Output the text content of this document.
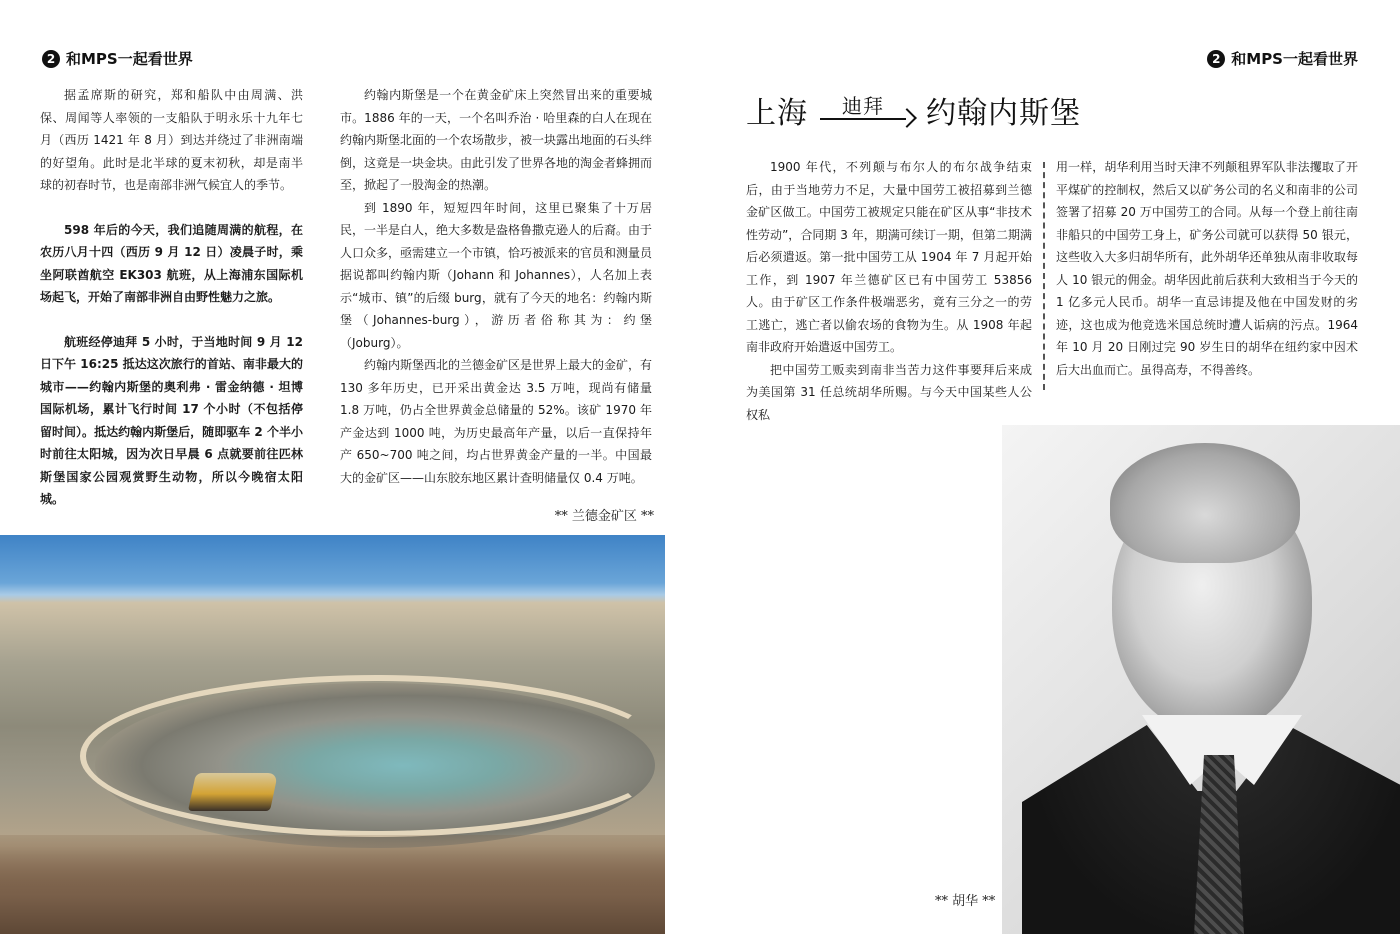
2 和MPS一起看世界

据孟席斯的研究，郑和船队中由周满、洪保、周闻等人率领的一支船队于明永乐十九年七月（西历 1421 年 8 月）到达并绕过了非洲南端的好望角。此时是北半球的夏末初秋，却是南半球的初春时节，也是南部非洲气候宜人的季节。

598 年后的今天，我们追随周满的航程，在农历八月十四（西历 9 月 12 日）凌晨子时，乘坐阿联酋航空 EK303 航班，从上海浦东国际机场起飞，开始了南部非洲自由野性魅力之旅。

航班经停迪拜 5 小时，于当地时间 9 月 12 日下午 16:25 抵达这次旅行的首站、南非最大的城市——约翰内斯堡的奥利弗 · 雷金纳德 · 坦博国际机场，累计飞行时间 17 个小时（不包括停留时间）。抵达约翰内斯堡后，随即驱车 2 个半小时前往太阳城，因为次日早晨 6 点就要前往匹林斯堡国家公园观赏野生动物，所以今晚宿太阳城。

约翰内斯堡是一个在黄金矿床上突然冒出来的重要城市。1886 年的一天，一个名叫乔治 · 哈里森的白人在现在约翰内斯堡北面的一个农场散步，被一块露出地面的石头绊倒，这竟是一块金块。由此引发了世界各地的淘金者蜂拥而至，掀起了一股淘金的热潮。

到 1890 年，短短四年时间，这里已聚集了十万居民，一半是白人，绝大多数是盎格鲁撒克逊人的后裔。由于人口众多，亟需建立一个市镇，恰巧被派来的官员和测量员据说都叫约翰内斯（Johann 和 Johannes），人名加上表示“城市、镇”的后缀 burg，就有了今天的地名：约翰内斯堡（Johannes-burg），游历者俗称其为：约堡（Joburg）。

约翰内斯堡西北的兰德金矿区是世界上最大的金矿，有 130 多年历史，已开采出黄金达 3.5 万吨，现尚有储量 1.8 万吨，仍占全世界黄金总储量的 52%。该矿 1970 年产金达到 1000 吨，为历史最高年产量，以后一直保持年产 650~700 吨之间，均占世界黄金产量的一半。中国最大的金矿区——山东胶东地区累计查明储量仅 0.4 万吨。

** 兰德金矿区 **
2 和MPS一起看世界
上海	迪拜	约翰内斯堡

1900 年代，不列颠与布尔人的布尔战争结束后，由于当地劳力不足，大量中国劳工被招募到兰德金矿区做工。中国劳工被规定只能在矿区从事“非技术性劳动”，合同期 3 年，期满可续订一期，但第二期满后必须遣返。第一批中国劳工从 1904 年 7 月起开始工作，到 1907 年兰德矿区已有中国劳工 53856 人。由于矿区工作条件极端恶劣，竟有三分之一的劳工逃亡，逃亡者以偷农场的食物为生。从 1908 年起南非政府开始遣返中国劳工。

把中国劳工贩卖到南非当苦力这件事要拜后来成为美国第 31 任总统胡华所赐。与今天中国某些人公权私

用一样，胡华利用当时天津不列颠租界军队非法攫取了开平煤矿的控制权，然后又以矿务公司的名义和南非的公司签署了招募 20 万中国劳工的合同。从每一个登上前往南非船只的中国劳工身上，矿务公司就可以获得 50 银元，这些收入大多归胡华所有，此外胡华还单独从南非收取每人 10 银元的佣金。胡华因此前后获利大致相当于今天的 1 亿多元人民币。胡华一直忌讳提及他在中国发财的劣迹，这也成为他竞选米国总统时遭人诟病的污点。1964 年 10 月 20 日刚过完 90 岁生日的胡华在纽约家中因术后大出血而亡。虽得高寿，不得善终。

** 胡华 **
